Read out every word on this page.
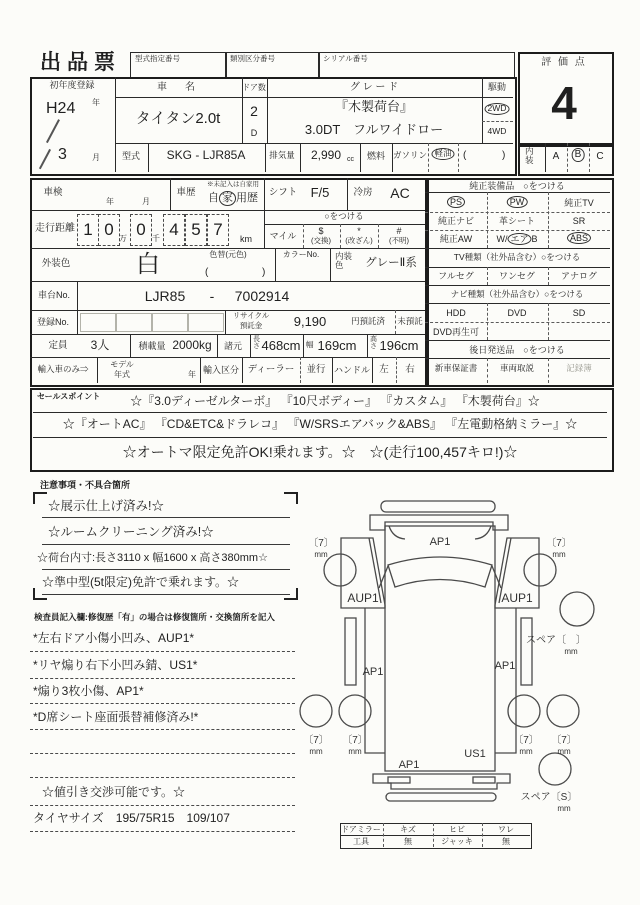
出品票 型式指定番号	類別区分番号	シリアル番号	評 価 点
4
内装 A	B	C
初年度登録
H24 年
3	月
車　名
タイタン2.0t
ドア数
2
D
グ レ ー ド
『木製荷台』
3.0DT　フルワイドロー
駆動
2WD
4WD
型式 SKG - LJR85A	排気量 2,990 cc 燃料 ガソリン 軽油	(	)
車検
年	月
車歴
※未記入は自家用
自 家 用歴 シフト F/5	冷房 AC
走行距離 1 0 万 0 千 4 5 7 km
○をつける
マイル $
(交換)
*
(改ざん)
#
(不明)
外装色	白	色替(元色)
(	)
カラーNo. 内装色	グレーⅡ系
車台No.	LJR85 - 7002914
登録No.
リサイクル
預託金 9,190	円預託済 未預託
定員 3人	積載量 2000kg 諸元
長さ 468cm 幅 169cm 高さ 196cm
輸入車のみ⇒	モデル
年式	年 輸入区分 ディーラー 並行 ハンドル 左 右
純正装備品　○をつける
PS	PW	純正TV
純正ナビ	革シート	SR
純正AW	W/ エア B	ABS
TV種類（社外品含む）○をつける
フルセグ	ワンセグ	アナログ
ナビ種類（社外品含む）○をつける
HDD	DVD	SD
DVD再生可
後日発送品　○をつける
新車保証書	車両取説	記録簿
セールスポイント	☆『3.0ディーゼルターボ』 『10尺ボディー』 『カスタム』 『木製荷台』☆
☆『オートAC』 『CD&ETC&ドラレコ』 『W/SRSエアバック&ABS』 『左電動格納ミラー』☆
☆オートマ限定免許OK!乗れます。☆　☆(走行100,457キロ!)☆
注意事項・不具合箇所
☆展示仕上げ済み!☆
☆ルームクリーニング済み!☆
☆荷台内寸:長さ3110 x 幅1600 x 高さ380mm☆
☆準中型(5t限定)免許で乗れます。☆
検査員記入欄:修復歴「有」の場合は修復箇所・交換箇所を記入
*左右ドア小傷小凹み、AUP1*
*リヤ煽り右下小凹み錆、US1*
*煽り3枚小傷、AP1*
*D席シート座面張替補修済み!*
☆値引き交渉可能です。☆
タイヤサイズ　195/75R15　109/107
AP1
〔7〕
mm
〔7〕
mm
AUP1	AUP1
AP1	AP1
スペア〔　〕
mm
〔7〕
mm
〔7〕
mm
〔7〕
mm
〔7〕
mm
AP1
US1
スペア〔S〕
mm
ドアミラー キズ	ヒビ	ワレ
工具	無	ジャッキ	無
